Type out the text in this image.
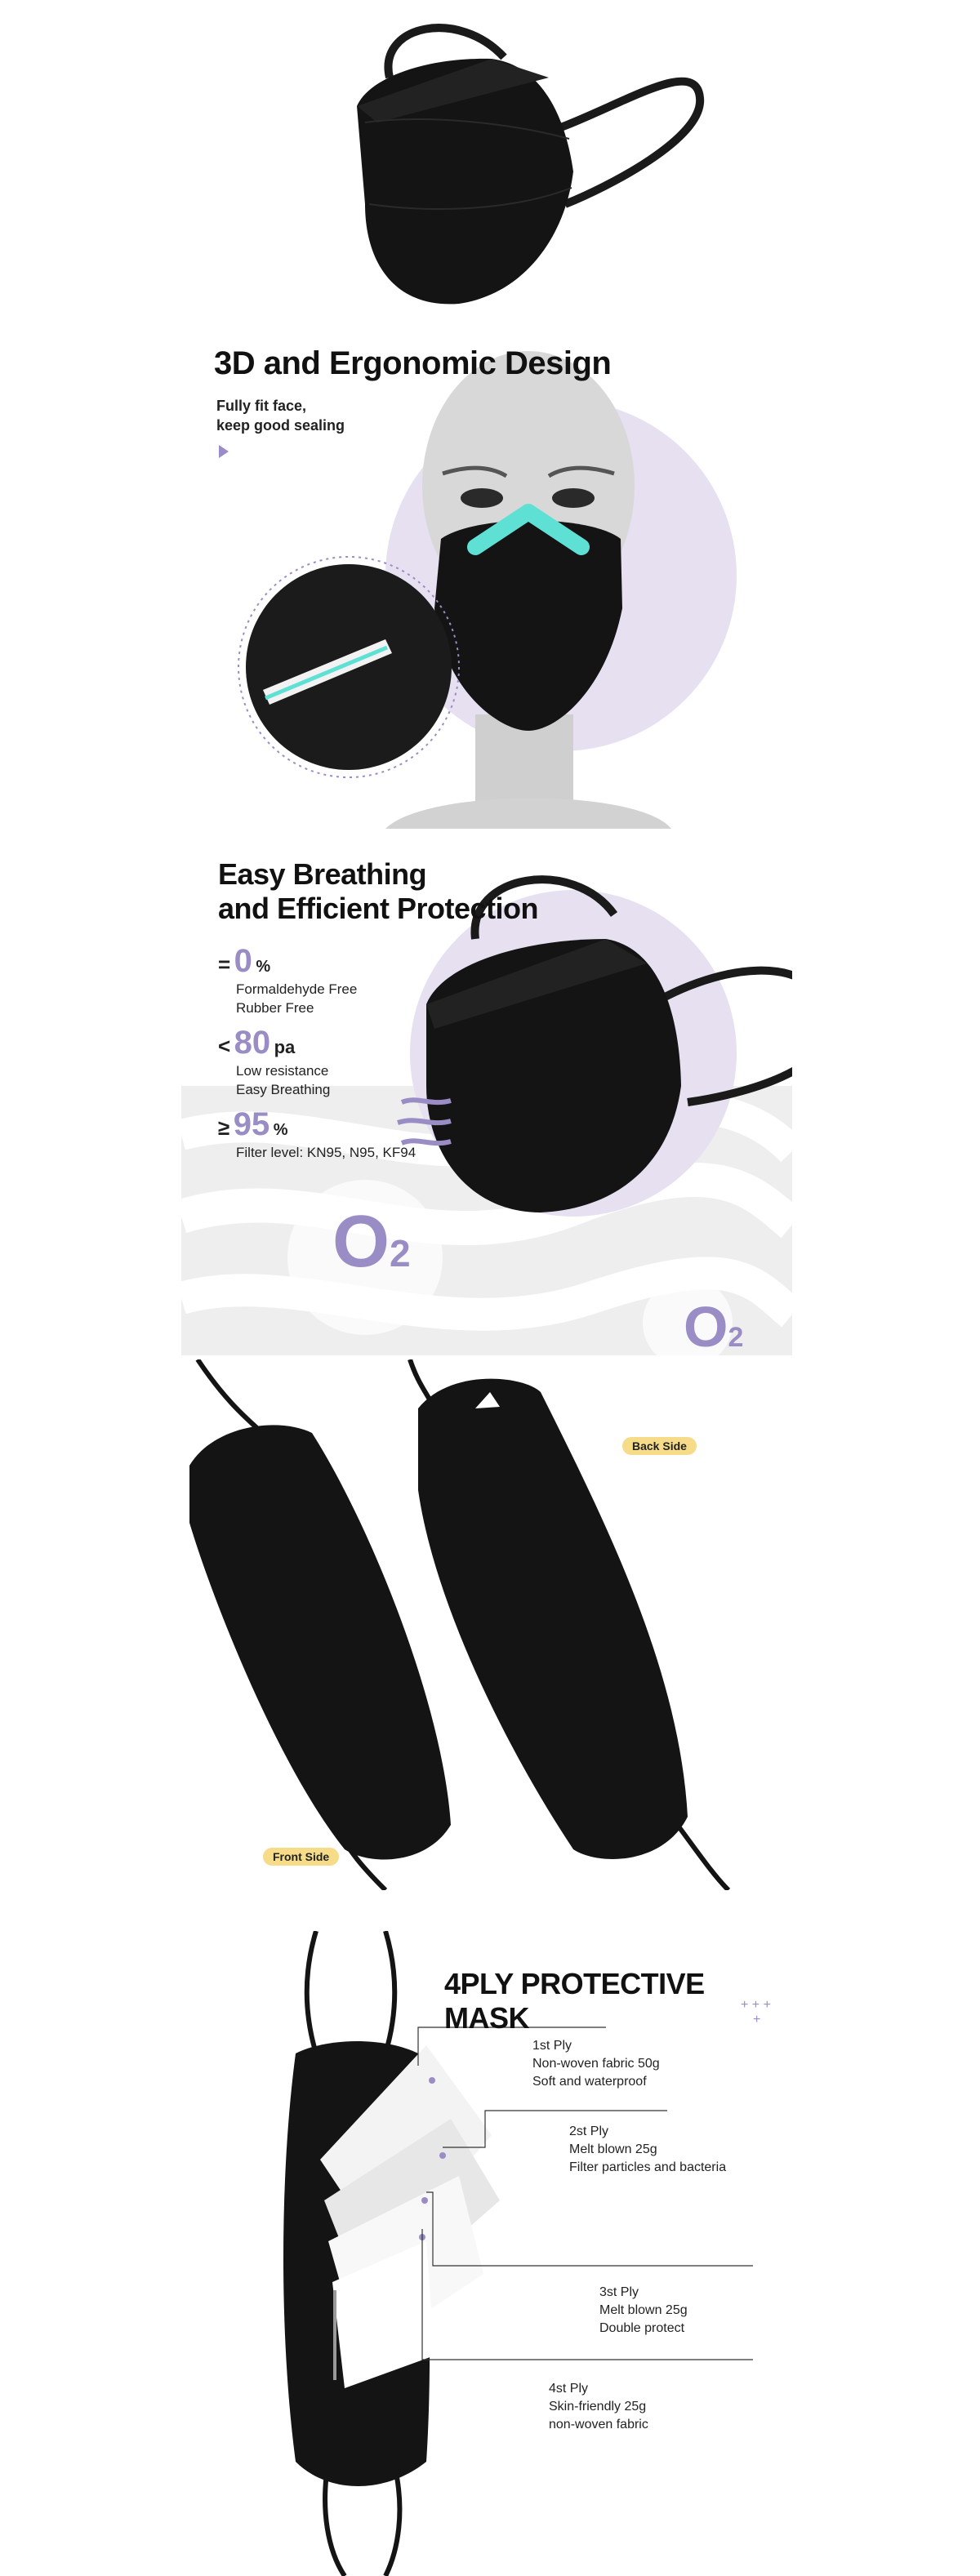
3D and Ergonomic Design
Fully fit face,
keep good sealing
Easy Breathing
and Efficient Protection
= 0 %
Formaldehyde Free
Rubber Free
< 80 pa
Low resistance
Easy Breathing
≥ 95 %
Filter level: KN95, N95, KF94
O2
O2
Back Side
Front Side
+ + +
+
4PLY PROTECTIVE MASK
1st Ply
Non-woven fabric 50g
Soft and waterproof
2st Ply
Melt blown 25g
Filter particles and bacteria
3st Ply
Melt blown 25g
Double protect
4st Ply
Skin-friendly 25g
non-woven fabric
